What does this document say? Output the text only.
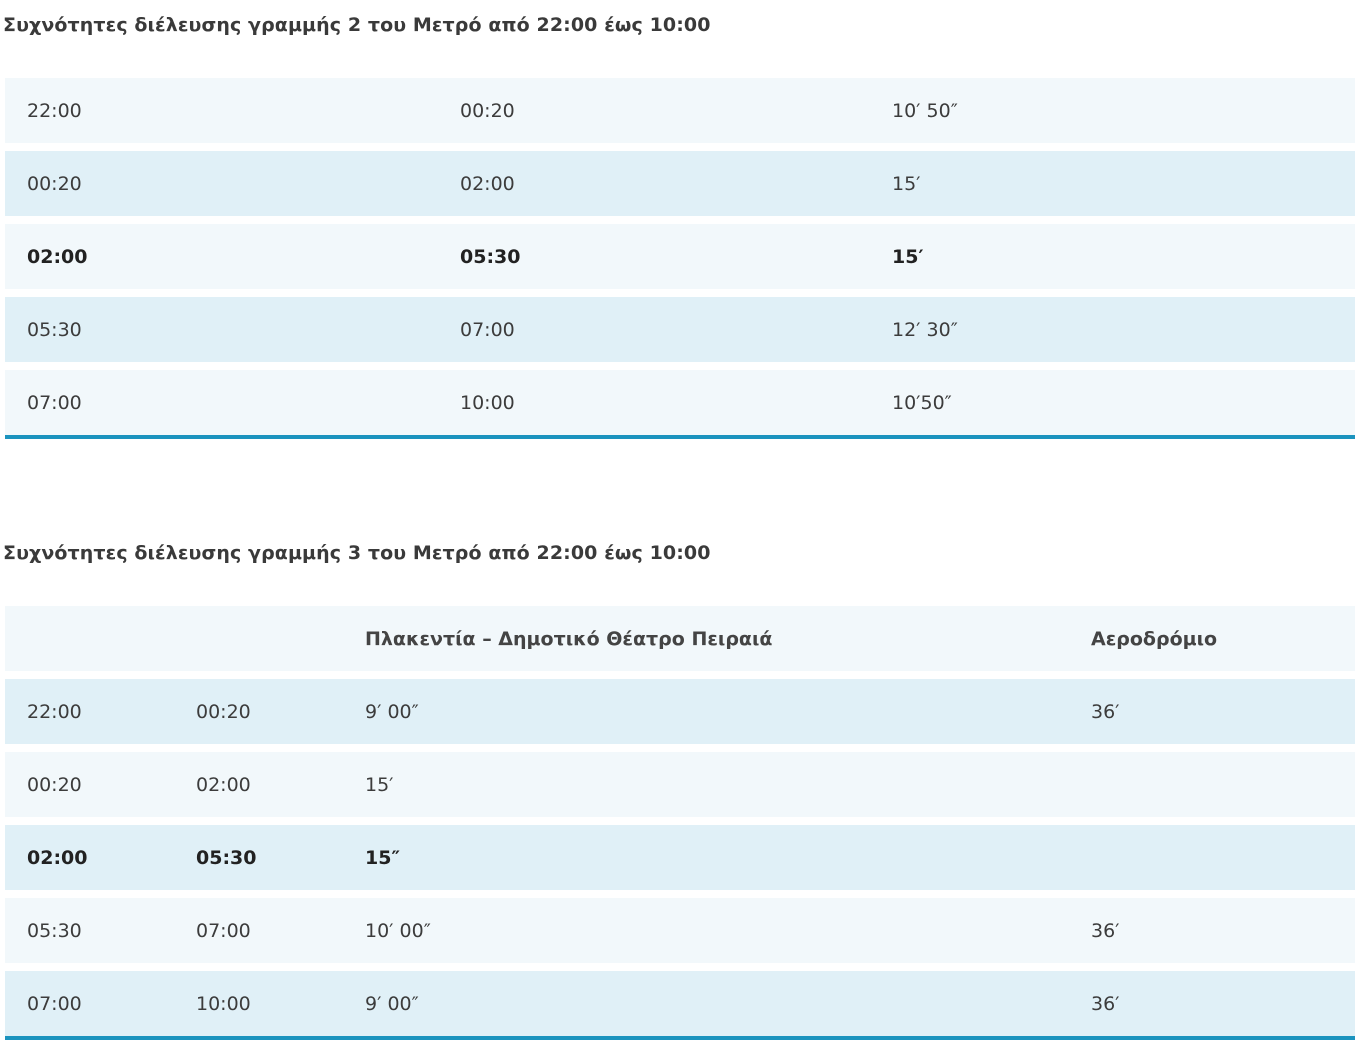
Συχνότητες διέλευσης γραμμής 2 του Μετρό από 22:00 έως 10:00
22:00	00:20	10′ 50″
00:20	02:00	15′
02:00	05:30	15′
05:30	07:00	12′ 30″
07:00	10:00	10′50″
Συχνότητες διέλευσης γραμμής 3 του Μετρό από 22:00 έως 10:00
		Πλακεντία – Δημοτικό Θέατρο Πειραιά	Αεροδρόμιο
22:00	00:20	9′ 00″	36′
00:20	02:00	15′	
02:00	05:30	15″	
05:30	07:00	10′ 00″	36′
07:00	10:00	9′ 00″	36′
